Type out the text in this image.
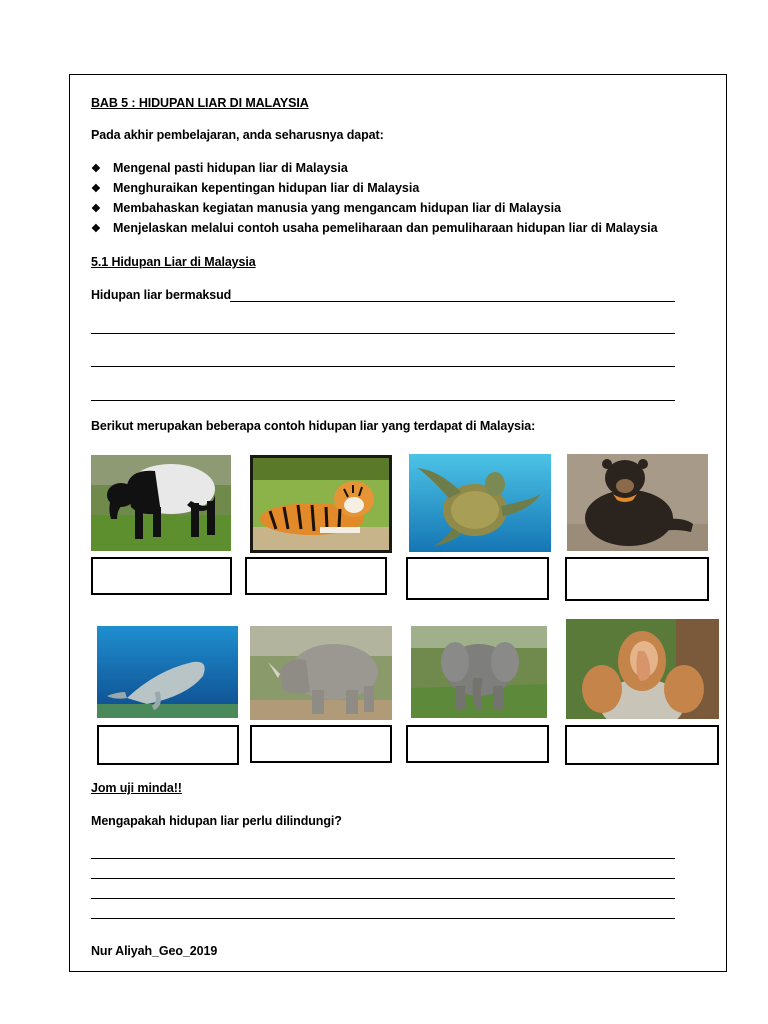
BAB 5 : HIDUPAN LIAR DI MALAYSIA
Pada akhir pembelajaran, anda seharusnya dapat:
❖ Mengenal pasti hidupan liar di Malaysia
❖ Menghuraikan kepentingan hidupan liar di Malaysia
❖ Membahaskan kegiatan manusia yang mengancam hidupan liar di Malaysia
❖ Menjelaskan melalui contoh usaha pemeliharaan dan pemuliharaan hidupan liar di Malaysia
5.1 Hidupan Liar di Malaysia
Hidupan liar bermaksud
Berikut merupakan beberapa contoh hidupan liar yang terdapat di Malaysia:
Jom uji minda!!
Mengapakah hidupan liar perlu dilindungi?
Nur Aliyah_Geo_2019
